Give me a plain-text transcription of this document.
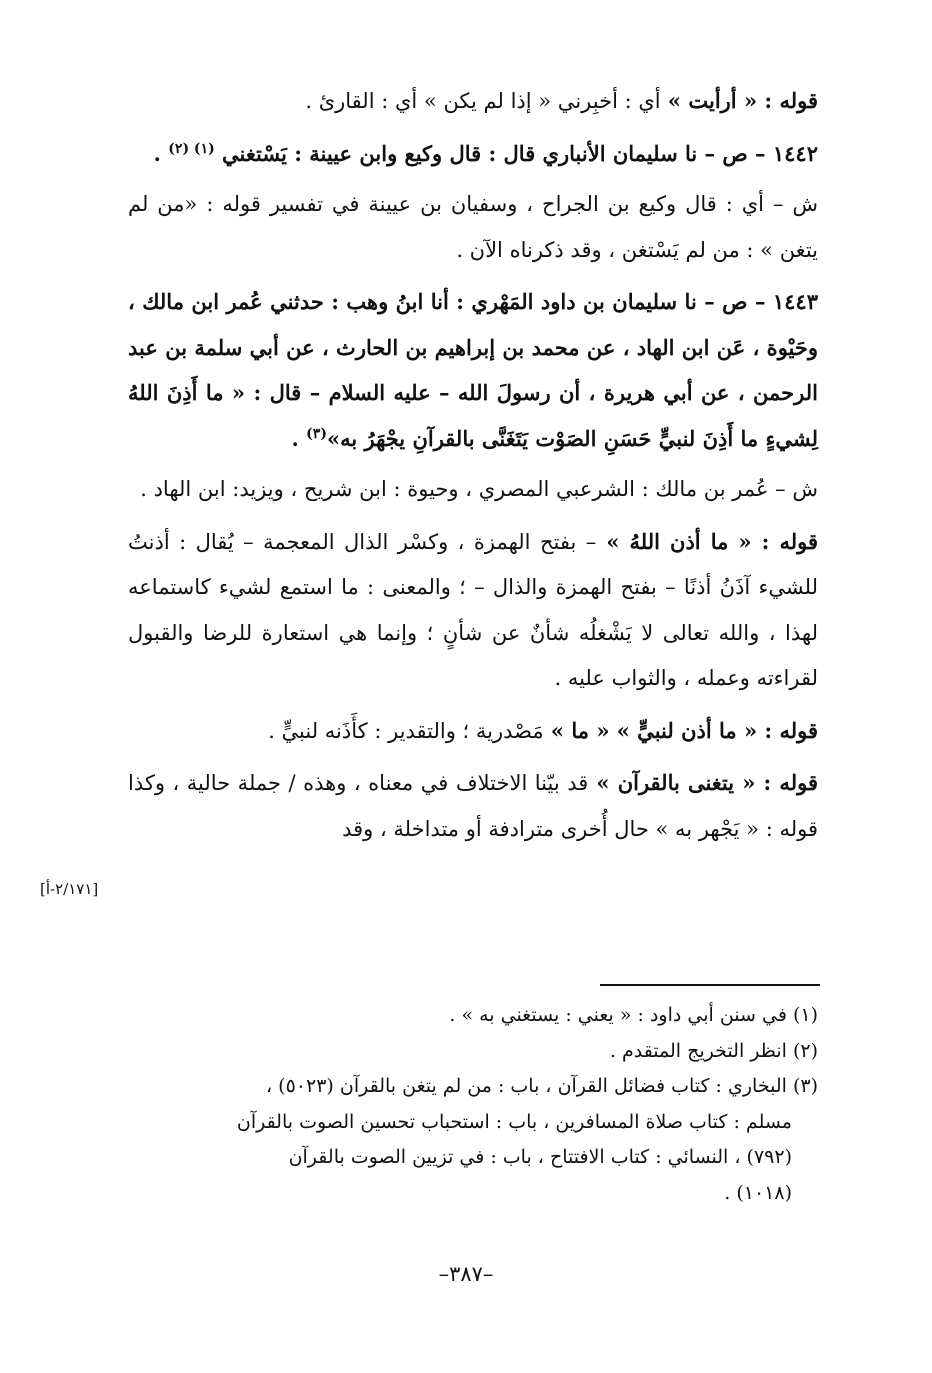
قوله : « أرأيت » أي : أخبِرني « إذا لم يكن » أي : القارئ .

١٤٤٢ – ص – نا سليمان الأنباري قال : قال وكيع وابن عيينة : يَسْتغني $^{(١) (٢)}$ .

ش – أي : قال وكيع بن الجراح ، وسفيان بن عيينة في تفسير قوله : «من لم يتغن » : من لم يَسْتغن ، وقد ذكرناه الآن .

١٤٤٣ – ص – نا سليمان بن داود المَهْري : أنا ابنُ وهب : حدثني عُمر ابن مالك ، وحَيْوة ، عَن ابن الهاد ، عن محمد بن إبراهيم بن الحارث ، عن أبي سلمة بن عبد الرحمن ، عن أبي هريرة ، أن رسولَ الله – عليه السلام – قال : « ما أَذِنَ اللهُ لِشيءٍ ما أَذِنَ لنبيٍّ حَسَنِ الصَوْت يَتَغَنَّى بالقرآنِ يجْهَرُ به»$^{(٣)}$ .

ش – عُمر بن مالك : الشرعبي المصري ، وحيوة : ابن شريح ، ويزيد: ابن الهاد .

قوله : « ما أذن اللهُ » – بفتح الهمزة ، وكسْر الذال المعجمة – يُقال : أذنتُ للشيء آذَنُ أذنًا – بفتح الهمزة والذال – ؛ والمعنى : ما استمع لشيء كاستماعه لهذا ، والله تعالى لا يَشْغلُه شأنٌ عن شأنٍ ؛ وإنما هي استعارة للرضا والقبول لقراءته وعمله ، والثواب عليه .

قوله : « ما أذن لنبيٍّ » « ما » مَصْدرية ؛ والتقدير : كأَذَنه لنبيٍّ .

قوله : « يتغنى بالقرآن » قد بيّنا الاختلاف في معناه ، وهذه / جملة حالية ، وكذا قوله : « يَجْهر به » حال أُخرى مترادفة أو متداخلة ، وقد

[٢/١٧١-أ]

(١) في سنن أبي داود : « يعني : يستغني به » .

(٢) انظر التخريج المتقدم .

(٣) البخاري : كتاب فضائل القرآن ، باب : من لم يتغن بالقرآن (٥٠٢٣) ،

مسلم : كتاب صلاة المسافرين ، باب : استحباب تحسين الصوت بالقرآن

(٧٩٢) ، النسائي : كتاب الافتتاح ، باب : في تزيين الصوت بالقرآن

(١٠١٨) .

–٣٨٧–
